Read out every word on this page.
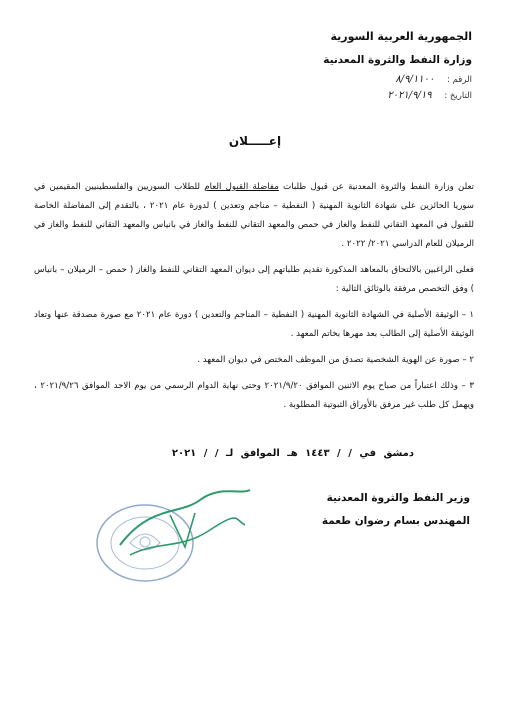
الجمهورية العربية السورية
وزارة النفط والثروة المعدنية
الرقم : ٨/٩/١١٠٠
التاريخ : ٢٠٢١/٩/١٩
إعـــــلان

تعلن وزارة النفط والثروة المعدنية عن قبول طلبات مفاضلة القبول العام للطلاب السوريين والفلسطينيين المقيمين في سوريا الحائزين على شهادة الثانوية المهنية ( النفطية – مناجم وتعدين ) لدورة عام ٢٠٢١ ، بالتقدم إلى المفاضلة الخاصة للقبول في المعهد التقاني للنفط والغاز في حمص والمعهد التقاني للنفط والغاز في بانياس والمعهد التقاني للنفط والغاز في الرميلان للعام الدراسي ٢٠٢١/ ٢٠٢٢ .

فعلى الراغبين بالالتحاق بالمعاهد المذكورة تقديم طلباتهم إلى ديوان المعهد التقاني للنفط والغاز ( حمص – الرميلان – بانياس ) وفق التخصص مرفقة بالوثائق التالية :

١ – الوثيقة الأصلية في الشهادة الثانوية المهنية ( النفطية – المناجم والتعدين ) دورة عام ٢٠٢١ مع صورة مصدقة عنها وتعاد الوثيقة الأصلية إلى الطالب بعد مهرها بخاتم المعهد .

٢ – صورة عن الهوية الشخصية تصدق من الموظف المختص في ديوان المعهد .

٣ – وذلك اعتباراً من صباح يوم الاثنين الموافق ٢٠٢١/٩/٢٠ وحتى نهاية الدوام الرسمي من يوم الاحد الموافق ٢٠٢١/٩/٢٦ ، ويهمل كل طلب غير مرفق بالأوراق الثبوتية المطلوبة .

دمشق في / / ١٤٤٣ هـ الموافق لـ / / ٢٠٢١
وزير النفط والثروة المعدنية
المهندس بسام رضوان طعمة
